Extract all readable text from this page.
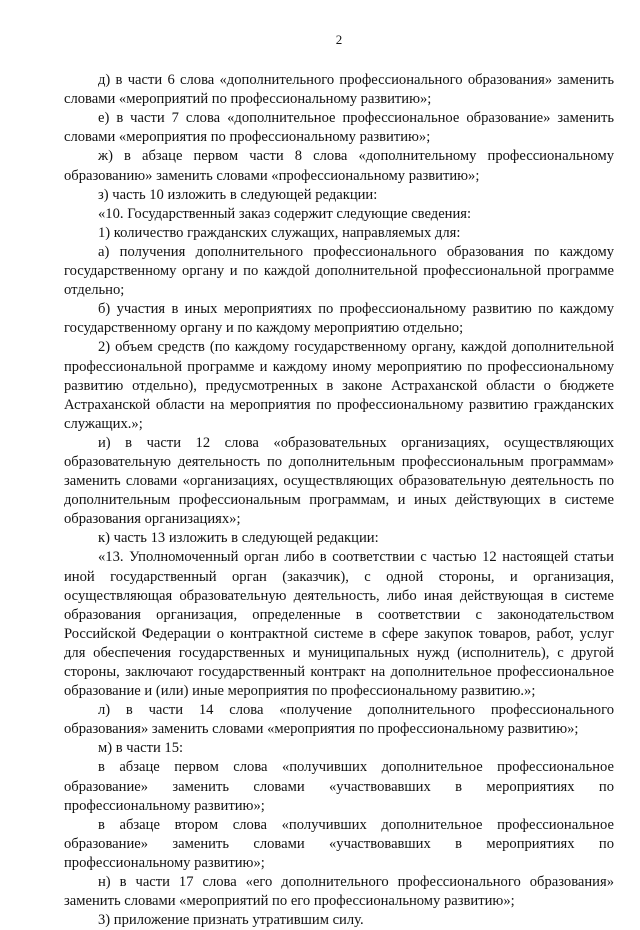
2

д) в части 6 слова «дополнительного профессионального образования» заменить словами «мероприятий по профессиональному развитию»;

е) в части 7 слова «дополнительное профессиональное образование» заменить словами «мероприятия по профессиональному развитию»;

ж) в абзаце первом части 8 слова «дополнительному профессиональному образованию» заменить словами «профессиональному развитию»;

з) часть 10 изложить в следующей редакции:

«10. Государственный заказ содержит следующие сведения:

1) количество гражданских служащих, направляемых для:

а) получения дополнительного профессионального образования по каждому государственному органу и по каждой дополнительной профессиональной программе отдельно;

б) участия в иных мероприятиях по профессиональному развитию по каждому государственному органу и по каждому мероприятию отдельно;

2) объем средств (по каждому государственному органу, каждой дополнительной профессиональной программе и каждому иному мероприятию по профессиональному развитию отдельно), предусмотренных в законе Астраханской области о бюджете Астраханской области на мероприятия по профессиональному развитию гражданских служащих.»;

и) в части 12 слова «образовательных организациях, осуществляющих образовательную деятельность по дополнительным профессиональным программам» заменить словами «организациях, осуществляющих образовательную деятельность по дополнительным профессиональным программам, и иных действующих в системе образования организациях»;

к) часть 13 изложить в следующей редакции:

«13. Уполномоченный орган либо в соответствии с частью 12 настоящей статьи иной государственный орган (заказчик), с одной стороны, и организация, осуществляющая образовательную деятельность, либо иная действующая в системе образования организация, определенные в соответствии с законодательством Российской Федерации о контрактной системе в сфере закупок товаров, работ, услуг для обеспечения государственных и муниципальных нужд (исполнитель), с другой стороны, заключают государственный контракт на дополнительное профессиональное образование и (или) иные мероприятия по профессиональному развитию.»;

л) в части 14 слова «получение дополнительного профессионального образования» заменить словами «мероприятия по профессиональному развитию»;

м) в части 15:

в абзаце первом слова «получивших дополнительное профессиональное образование» заменить словами «участвовавших в мероприятиях по профессиональному развитию»;

в абзаце втором слова «получивших дополнительное профессиональное образование» заменить словами «участвовавших в мероприятиях по профессиональному развитию»;

н) в части 17 слова «его дополнительного профессионального образования» заменить словами «мероприятий по его профессиональному развитию»;

3) приложение признать утратившим силу.
